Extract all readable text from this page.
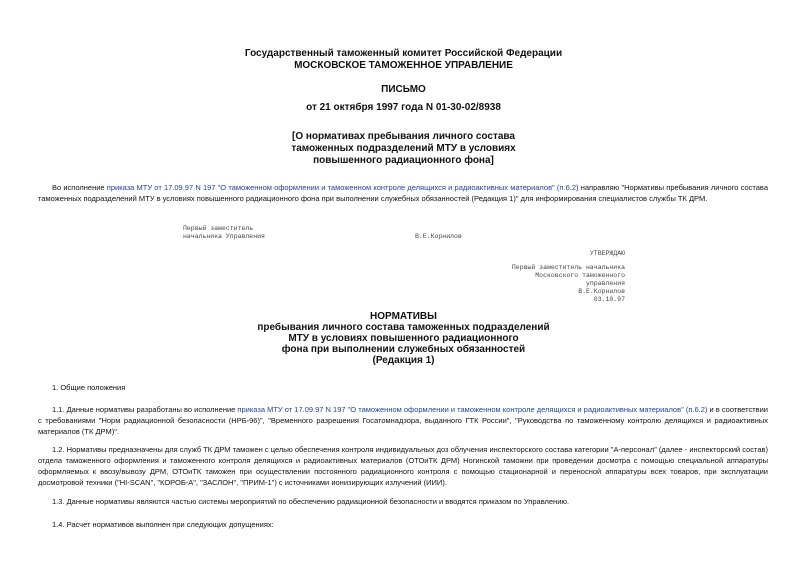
Государственный таможенный комитет Российской Федерации
МОСКОВСКОЕ ТАМОЖЕННОЕ УПРАВЛЕНИЕ
ПИСЬМО
от 21 октября 1997 года N 01-30-02/8938
[О нормативах пребывания личного состава
таможенных подразделений МТУ в условиях
повышенного радиационного фона]
Во исполнение приказа МТУ от 17.09.97 N 197 "О таможенном оформлении и таможенном контроле делящихся и радиоактивных материалов" (п.6.2) направляю "Нормативы пребывания личного состава таможенных подразделений МТУ в условиях повышенного радиационного фона при выполнении служебных обязанностей (Редакция 1)" для информирования специалистов службы ТК ДРМ.
Первый заместитель
начальника Управления	В.Е.Корнилов
УТВЕРЖДАЮ
Первый заместитель начальника
Московского таможенного
управления
В.Е.Корнилов
03.10.97
НОРМАТИВЫ
пребывания личного состава таможенных подразделений
МТУ в условиях повышенного радиационного
фона при выполнении служебных обязанностей
(Редакция 1)
1. Общие положения
1.1. Данные нормативы разработаны во исполнение приказа МТУ от 17.09.97 N 197 "О таможенном оформлении и таможенном контроле делящихся и радиоактивных материалов" (п.6.2) и в соответствии с требованиями "Норм радиационной безопасности (НРБ-96)", "Временного разрешения Госатомнадзора, выданного ГТК России", "Руководства по таможенному контролю делящихся и радиоактивных материалов (ТК ДРМ)".
1.2. Нормативы предназначены для служб ТК ДРМ таможен с целью обеспечения контроля индивидуальных доз облучения инспекторского состава категории "А-персонал" (далее - инспекторский состав) отдела таможенного оформления и таможенного контроля делящихся и радиоактивных материалов (ОТОиТК ДРМ) Ногинской таможни при проведении досмотра с помощью специальной аппаратуры оформляемых к ввозу/вывозу ДРМ, ОТОиТК таможен при осуществлении постоянного радиационного контроля с помощью стационарной и переносной аппаратуры всех товаров, при эксплуатации досмотровой техники ("HI-SCAN", "КОРОБ-А", "ЗАСЛОН", "ПРИМ-1") с источниками ионизирующих излучений (ИИИ).
1.3. Данные нормативы являются частью системы мероприятий по обеспечению радиационной безопасности и вводятся приказом по Управлению.
1.4. Расчет нормативов выполнен при следующих допущениях:
